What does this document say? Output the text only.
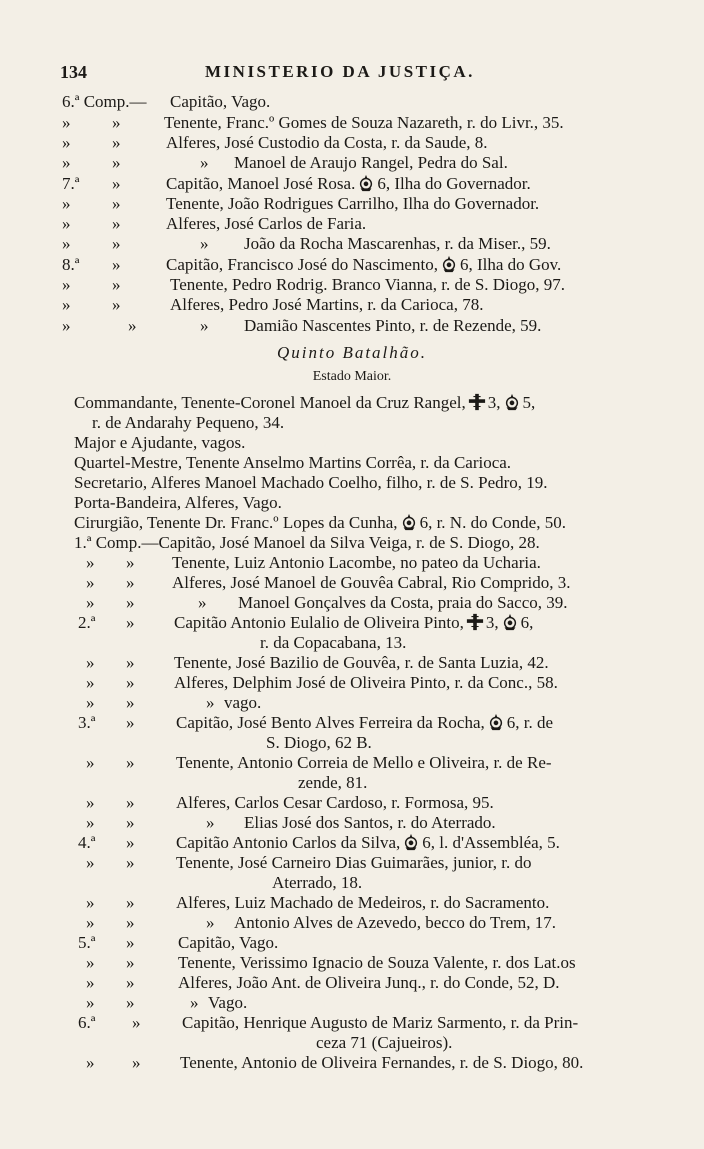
134	MINISTERIO DA JUSTIÇA.
6.ª Comp.— Capitão, Vago.
» »	Tenente, Franc.º Gomes de Souza Nazareth, r. do Livr., 35.
» »	Alferes, José Custodio da Costa, r. da Saude, 8.
» »	» Manoel de Araujo Rangel, Pedra do Sal.
7.ª »	Capitão, Manoel José Rosa. 6, Ilha do Governador.
» »	Tenente, João Rodrigues Carrilho, Ilha do Governador.
» »	Alferes, José Carlos de Faria.
» »	» João da Rocha Mascarenhas, r. da Miser., 59.
8.ª »	Capitão, Francisco José do Nascimento, 6, Ilha do Gov.
» »	Tenente, Pedro Rodrig. Branco Vianna, r. de S. Diogo, 97.
» »	Alferes, Pedro José Martins, r. da Carioca, 78.
»	»	» Damião Nascentes Pinto, r. de Rezende, 59.
Quinto Batalhão.
Estado Maior.
Commandante, Tenente-Coronel Manoel da Cruz Rangel, 3, 5,
r. de Andarahy Pequeno, 34.
Major e Ajudante, vagos.
Quartel-Mestre, Tenente Anselmo Martins Corrêa, r. da Carioca.
Secretario, Alferes Manoel Machado Coelho, filho, r. de S. Pedro, 19.
Porta-Bandeira, Alferes, Vago.
Cirurgião, Tenente Dr. Franc.º Lopes da Cunha, 6, r. N. do Conde, 50.
1.ª Comp.—Capitão, José Manoel da Silva Veiga, r. de S. Diogo, 28.
» » Tenente, Luiz Antonio Lacombe, no pateo da Ucharia.
» » Alferes, José Manoel de Gouvêa Cabral, Rio Comprido, 3.
» »	» Manoel Gonçalves da Costa, praia do Sacco, 39.
2.ª » Capitão Antonio Eulalio de Oliveira Pinto, 3, 6,
r. da Copacabana, 13.
» » Tenente, José Bazilio de Gouvêa, r. de Santa Luzia, 42.
» » Alferes, Delphim José de Oliveira Pinto, r. da Conc., 58.
» »	» vago.
3.ª » Capitão, José Bento Alves Ferreira da Rocha, 6, r. de
S. Diogo, 62 B.
» » Tenente, Antonio Correia de Mello e Oliveira, r. de Re-
zende, 81.
» » Alferes, Carlos Cesar Cardoso, r. Formosa, 95.
» »	» Elias José dos Santos, r. do Aterrado.
4.ª » Capitão Antonio Carlos da Silva, 6, l. d'Assembléa, 5.
» » Tenente, José Carneiro Dias Guimarães, junior, r. do
Aterrado, 18.
» » Alferes, Luiz Machado de Medeiros, r. do Sacramento.
» »	» Antonio Alves de Azevedo, becco do Trem, 17.
5.ª »	Capitão, Vago.
» »	Tenente, Verissimo Ignacio de Souza Valente, r. dos Lat.os
» »	Alferes, João Ant. de Oliveira Junq., r. do Conde, 52, D.
» »	» Vago.
6.ª » Capitão, Henrique Augusto de Mariz Sarmento, r. da Prin-
ceza 71 (Cajueiros).
» » Tenente, Antonio de Oliveira Fernandes, r. de S. Diogo, 80.
